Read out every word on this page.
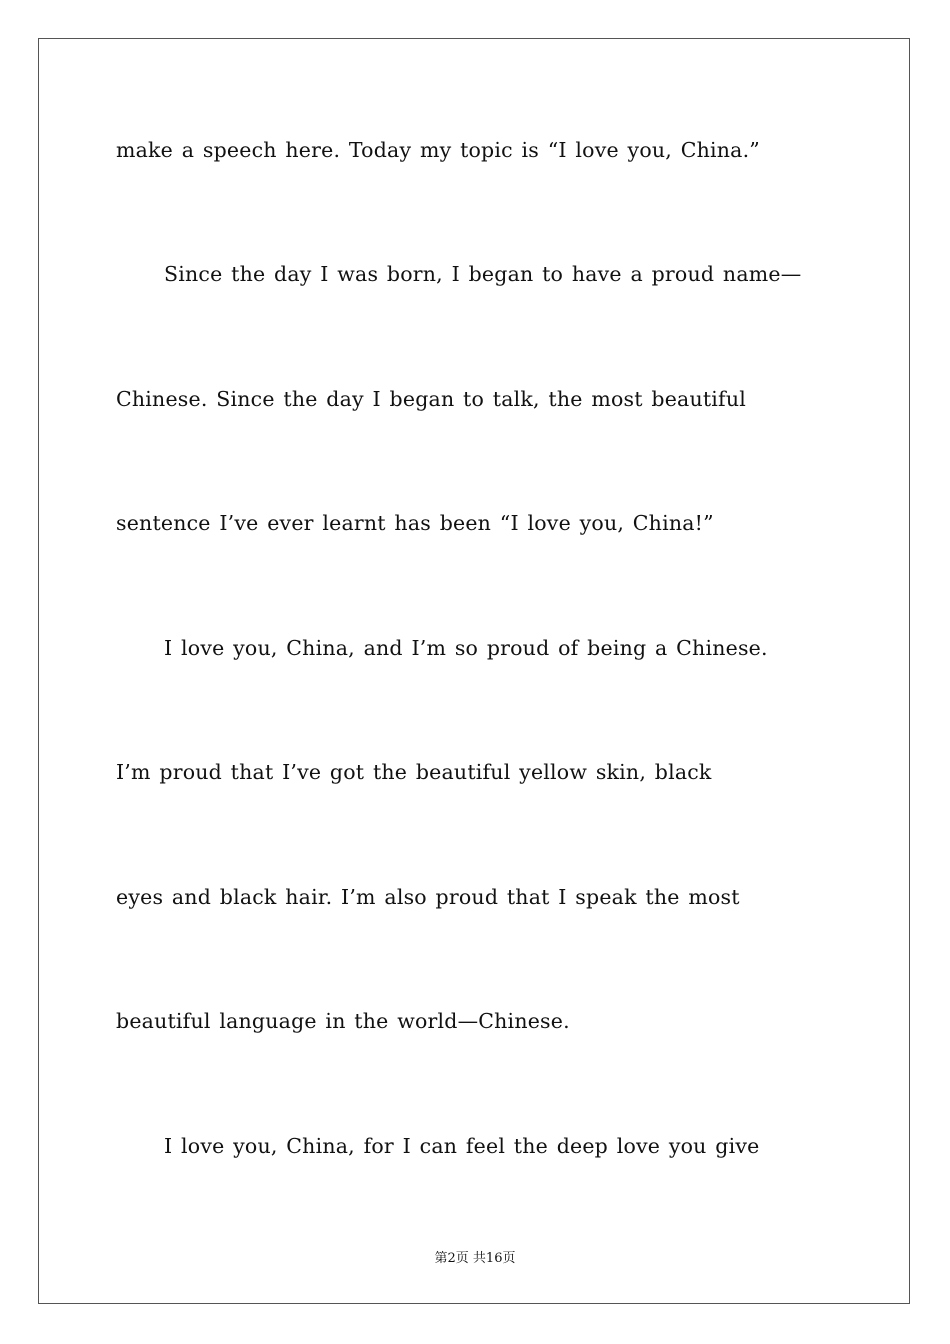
make a speech here. Today my topic is “I love you, China.”
Since the day I was born, I began to have a proud name—
Chinese. Since the day I began to talk, the most beautiful
sentence I’ve ever learnt has been “I love you, China!”
I love you, China, and I’m so proud of being a Chinese.
I’m proud that I’ve got the beautiful yellow skin, black
eyes and black hair. I’m also proud that I speak the most
beautiful language in the world—Chinese.
I love you, China, for I can feel the deep love you give
第2页 共16页
